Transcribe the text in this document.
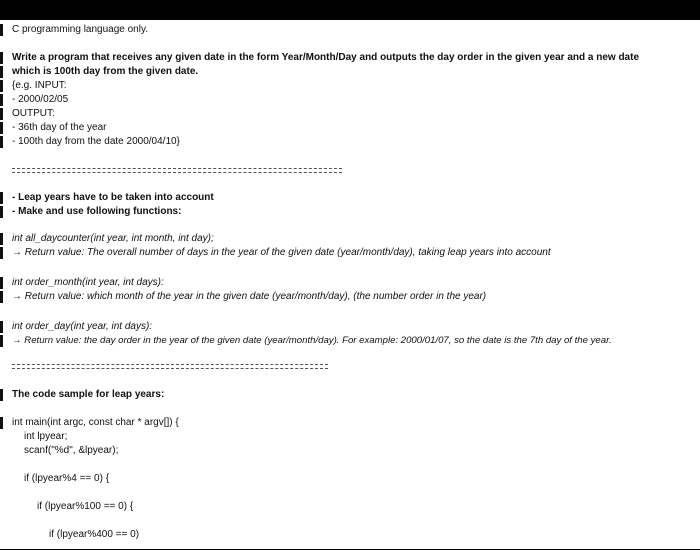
C programming language only.
Write a program that receives any given date in the form Year/Month/Day and outputs the day order in the given year and a new date
which is 100th day from the given date.
{e.g. INPUT:
- 2000/02/05
OUTPUT:
- 36th day of the year
- 100th day from the date 2000/04/10}
- Leap years have to be taken into account
- Make and use following functions:
int all_daycounter(int year, int month, int day);
→ Return value: The overall number of days in the year of the given date (year/month/day), taking leap years into account
int order_month(int year, int days):
→ Return value: which month of the year in the given date (year/month/day), (the number order in the year)
int order_day(int year, int days):
→ Return value: the day order in the year of the given date (year/month/day). For example: 2000/01/07, so the date is the 7th day of the year.
The code sample for leap years:
int main(int argc, const char * argv[]) {
int lpyear;
scanf("%d", &lpyear);
if (lpyear%4 == 0) {
if (lpyear%100 == 0) {
if (lpyear%400 == 0)
